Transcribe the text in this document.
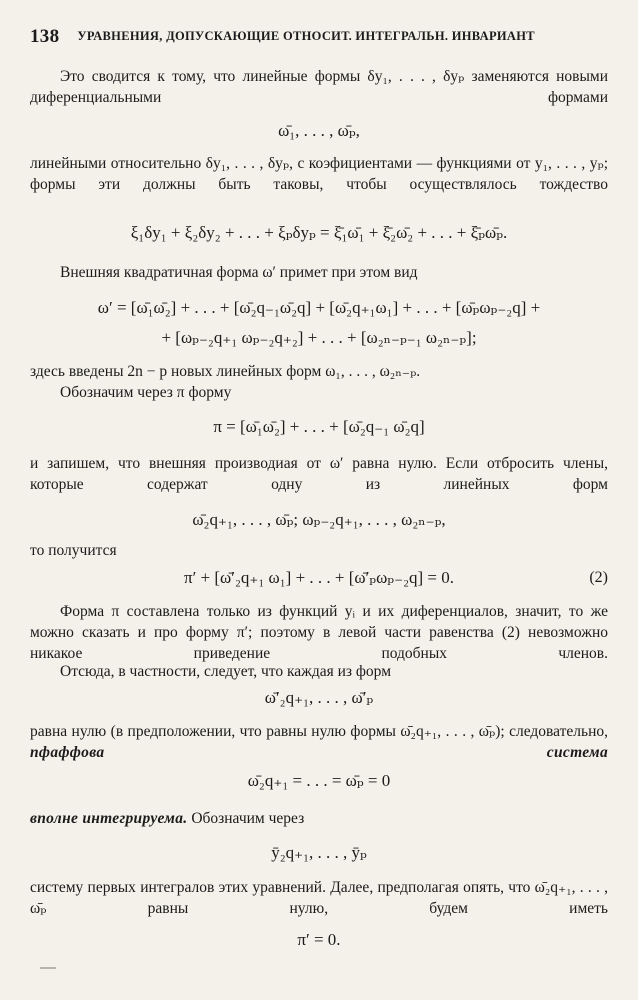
138 УРАВНЕНИЯ, ДОПУСКАЮЩИЕ ОТНОСИТ. ИНТЕГРАЛЬН. ИНВАРИАНТ
Это сводится к тому, что линейные формы δy₁, . . . , δyₚ заменяются новыми диференциальными формами
ω̄₁, . . . , ω̄ₚ,
линейными относительно δy₁, . . . , δyₚ, с коэфициентами — функциями от y₁, . . . , yₚ; формы эти должны быть таковы, чтобы осуществлялось тождество
ξ₁δy₁ + ξ₂δy₂ + . . . + ξₚδyₚ = ξ̄₁ω̄₁ + ξ̄₂ω̄₂ + . . . + ξ̄ₚω̄ₚ.
Внешняя квадратичная форма ω′ примет при этом вид
ω′ = [ω̄₁ω̄₂] + . . . + [ω̄₂q₋₁ω̄₂q] + [ω̄₂q₊₁ω₁] + . . . + [ω̄ₚωₚ₋₂q] +
+ [ωₚ₋₂q₊₁ ωₚ₋₂q₊₂] + . . . + [ω₂ₙ₋ₚ₋₁ ω₂ₙ₋ₚ];
здесь введены 2n − p новых линейных форм ω₁, . . . , ω₂ₙ₋ₚ.
Обозначим через π форму
π = [ω̄₁ω̄₂] + . . . + [ω̄₂q₋₁ ω̄₂q]
и запишем, что внешняя производиая от ω′ равна нулю. Если отбросить члены, которые содержат одну из линейных форм
ω̄₂q₊₁, . . . , ω̄ₚ; ωₚ₋₂q₊₁, . . . , ω₂ₙ₋ₚ,
то получится
π′ + [ω̄′₂q₊₁ ω₁] + . . . + [ω̄′ₚωₚ₋₂q] = 0.	(2)
Форма π составлена только из функций yᵢ и их диференциалов, значит, то же можно сказать и про форму π′; поэтому в левой части равенства (2) невозможно никакое приведение подобных членов.
Отсюда, в частности, следует, что каждая из форм
ω̄′₂q₊₁, . . . , ω̄′ₚ
равна нулю (в предположении, что равны нулю формы ω̄₂q₊₁, . . . , ω̄ₚ); следовательно, пфаффова система
ω̄₂q₊₁ = . . . = ω̄ₚ = 0
вполне интегрируема. Обозначим через
ȳ₂q₊₁, . . . , ȳₚ
систему первых интегралов этих уравнений. Далее, предполагая опять, что ω̄₂q₊₁, . . . , ω̄ₚ равны нулю, будем иметь
π′ = 0.
